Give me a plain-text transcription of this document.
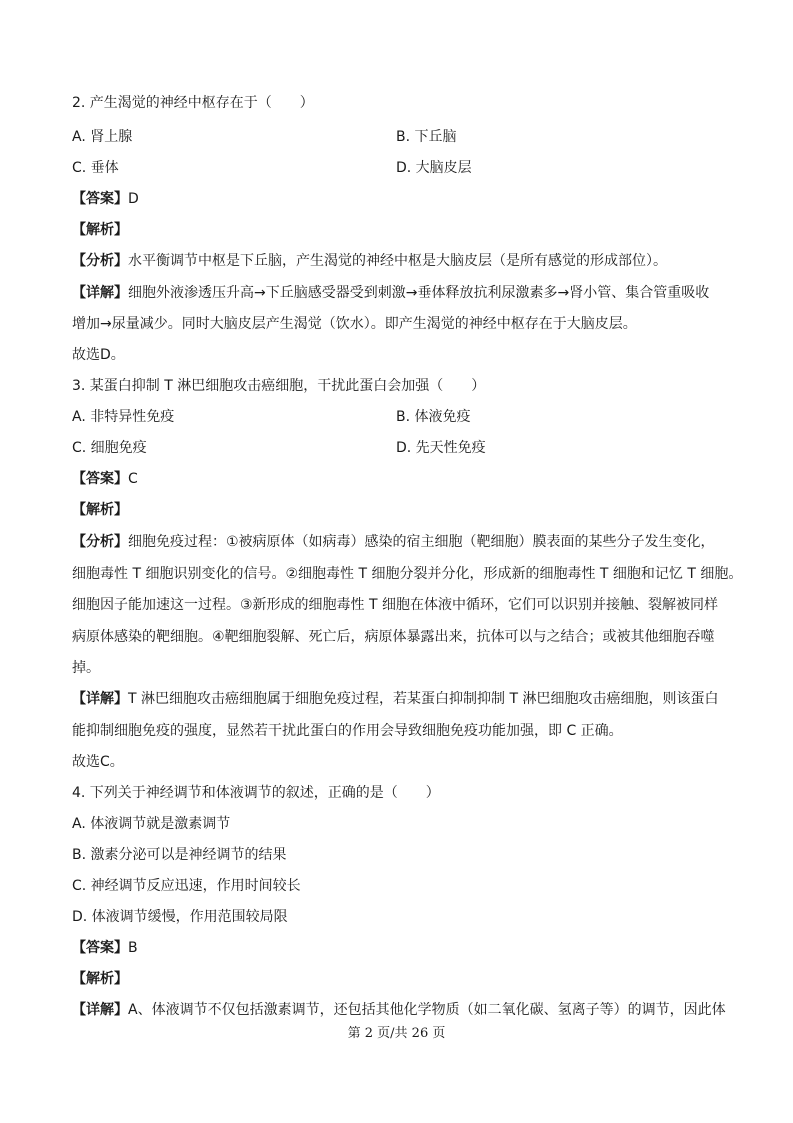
2. 产生渴觉的神经中枢存在于（　　）
A. 肾上腺	B. 下丘脑
C. 垂体	D. 大脑皮层
【答案】D
【解析】
【分析】水平衡调节中枢是下丘脑，产生渴觉的神经中枢是大脑皮层（是所有感觉的形成部位）。
【详解】细胞外液渗透压升高→下丘脑感受器受到刺激→垂体释放抗利尿激素多→肾小管、集合管重吸收
增加→尿量减少。同时大脑皮层产生渴觉（饮水）。即产生渴觉的神经中枢存在于大脑皮层。
故选D。
3. 某蛋白抑制 T 淋巴细胞攻击癌细胞，干扰此蛋白会加强（　　）
A. 非特异性免疫	B. 体液免疫
C. 细胞免疫	D. 先天性免疫
【答案】C
【解析】
【分析】细胞免疫过程：①被病原体（如病毒）感染的宿主细胞（靶细胞）膜表面的某些分子发生变化，
细胞毒性 T 细胞识别变化的信号。②细胞毒性 T 细胞分裂并分化，形成新的细胞毒性 T 细胞和记忆 T 细胞。
细胞因子能加速这一过程。③新形成的细胞毒性 T 细胞在体液中循环，它们可以识别并接触、裂解被同样
病原体感染的靶细胞。④靶细胞裂解、死亡后，病原体暴露出来，抗体可以与之结合；或被其他细胞吞噬
掉。
【详解】T 淋巴细胞攻击癌细胞属于细胞免疫过程，若某蛋白抑制抑制 T 淋巴细胞攻击癌细胞，则该蛋白
能抑制细胞免疫的强度，显然若干扰此蛋白的作用会导致细胞免疫功能加强，即 C 正确。
故选C。
4. 下列关于神经调节和体液调节的叙述，正确的是（　　）
A. 体液调节就是激素调节
B. 激素分泌可以是神经调节的结果
C. 神经调节反应迅速，作用时间较长
D. 体液调节缓慢，作用范围较局限
【答案】B
【解析】
【详解】A、体液调节不仅包括激素调节，还包括其他化学物质（如二氧化碳、氢离子等）的调节，因此体
第 2 页/共 26 页
